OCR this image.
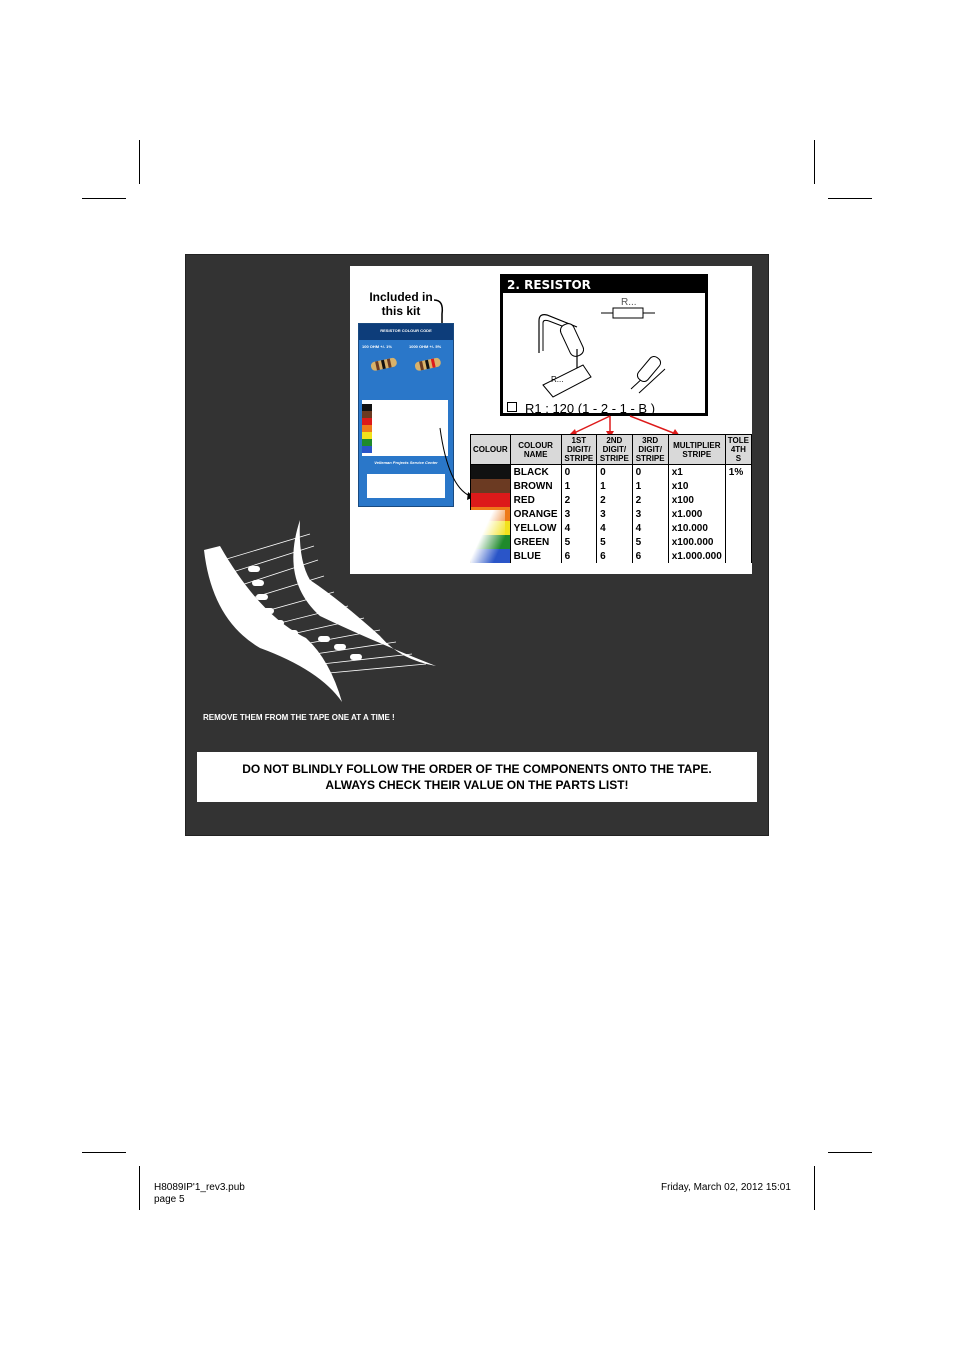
Included in this kit
RESISTOR COLOUR CODE
100 OHM +/- 1%	1000 OHM +/- 5%
Velleman Projects Service Center
2. RESISTOR
R...
R...
R1 : 120 (1 - 2 - 1 - B )
COLOUR	COLOUR NAME	1ST DIGIT/ STRIPE	2ND DIGIT/ STRIPE	3RD DIGIT/ STRIPE	MULTIPLIER STRIPE	TOLE 4TH S
	BLACK	0	0	0	x1	1%
	BROWN	1	1	1	x10	
	RED	2	2	2	x100	
	ORANGE	3	3	3	x1.000	
	YELLOW	4	4	4	x10.000	
	GREEN	5	5	5	x100.000	
	BLUE	6	6	6	x1.000.000	
REMOVE THEM FROM THE TAPE ONE AT A TIME !
DO NOT BLINDLY FOLLOW THE ORDER OF THE COMPONENTS ONTO THE TAPE.
ALWAYS CHECK THEIR VALUE ON THE PARTS LIST!
H8089IP'1_rev3.pub
page 5
Friday, March 02, 2012 15:01
